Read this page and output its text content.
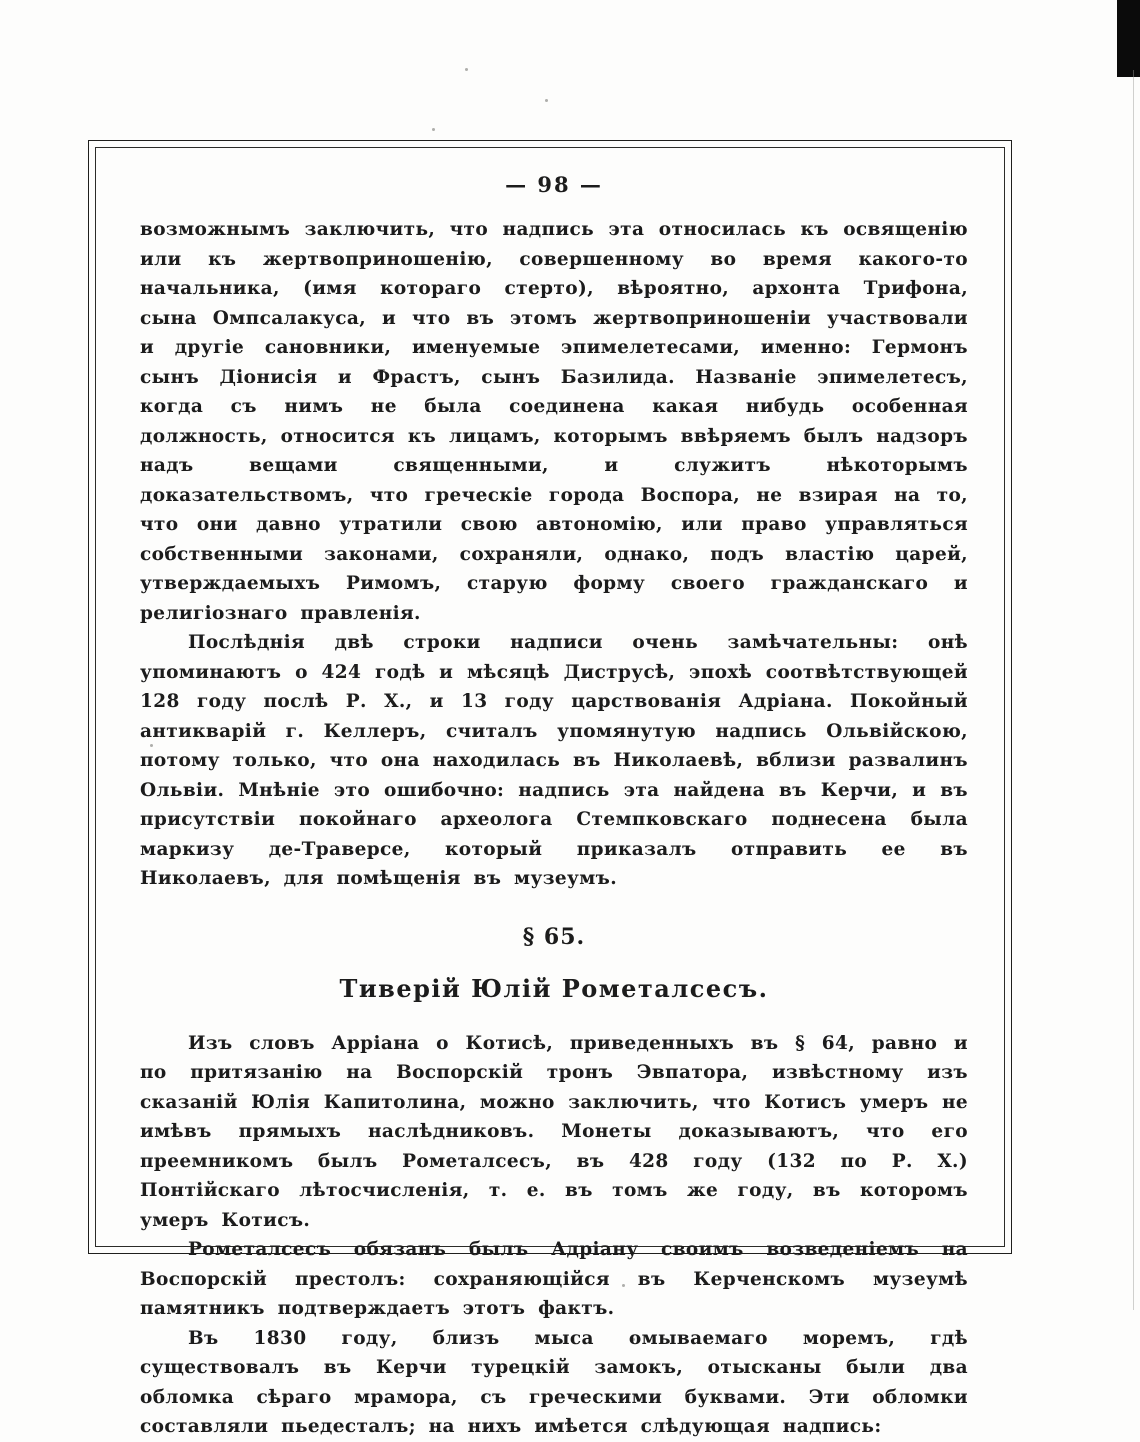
— 98 —

возможнымъ заключить, что надпись эта относилась къ освященію или къ жертвоприношенію, совершенному во время какого-то начальника, (имя котораго стерто), вѣроятно, архонта Трифона, сына Омпсалакуса, и что въ этомъ жертвоприношеніи участвовали и другіе сановники, именуемые эпимелетесами, именно: Гермонъ сынъ Діонисія и Фрастъ, сынъ Базилида. Названіе эпимелетесъ, когда съ нимъ не была соединена какая нибудь особенная должность, относится къ лицамъ, которымъ ввѣряемъ былъ надзоръ надъ вещами священными, и служитъ нѣкоторымъ доказательствомъ, что греческіе города Воспора, не взирая на то, что они давно утратили свою автономію, или право управляться собственными законами, сохраняли, однако, подъ властію царей, утверждаемыхъ Римомъ, старую форму своего гражданскаго и религіознаго правленія.

Послѣднія двѣ строки надписи очень замѣчательны: онѣ упоминаютъ о 424 годѣ и мѣсяцѣ Диструсѣ, эпохѣ соотвѣтствующей 128 году послѣ Р. Х., и 13 году царствованія Адріана. Покойный антикварій г. Келлеръ, считалъ упомянутую надпись Ольвійскою, потому только, что она находилась въ Николаевѣ, вблизи развалинъ Ольвіи. Мнѣніе это ошибочно: надпись эта найдена въ Керчи, и въ присутствіи покойнаго археолога Стемпковскаго поднесена была маркизу де-Траверсе, который приказалъ отправить ее въ Николаевъ, для помѣщенія въ музеумъ.

§ 65.
Тиверій Юлій Рометалсесъ.

Изъ словъ Арріана о Котисѣ, приведенныхъ въ § 64, равно и по притязанію на Воспорскій тронъ Эвпатора, извѣстному изъ сказаній Юлія Капитолина, можно заключить, что Котисъ умеръ не имѣвъ прямыхъ наслѣдниковъ. Монеты доказываютъ, что его преемникомъ былъ Рометалсесъ, въ 428 году (132 по Р. Х.) Понтійскаго лѣтосчисленія, т. е. въ томъ же году, въ которомъ умеръ Котисъ.

Рометалсесъ обязанъ былъ Адріану своимъ возведеніемъ на Воспорскій престолъ: сохраняющійся въ Керченскомъ музеумѣ памятникъ подтверждаетъ этотъ фактъ.

Въ 1830 году, близъ мыса омываемаго моремъ, гдѣ существовалъ въ Керчи турецкій замокъ, отысканы были два обломка сѣраго мрамора, съ греческими буквами. Эти обломки составляли пьедесталъ; на нихъ имѣется слѣдующая надпись:
